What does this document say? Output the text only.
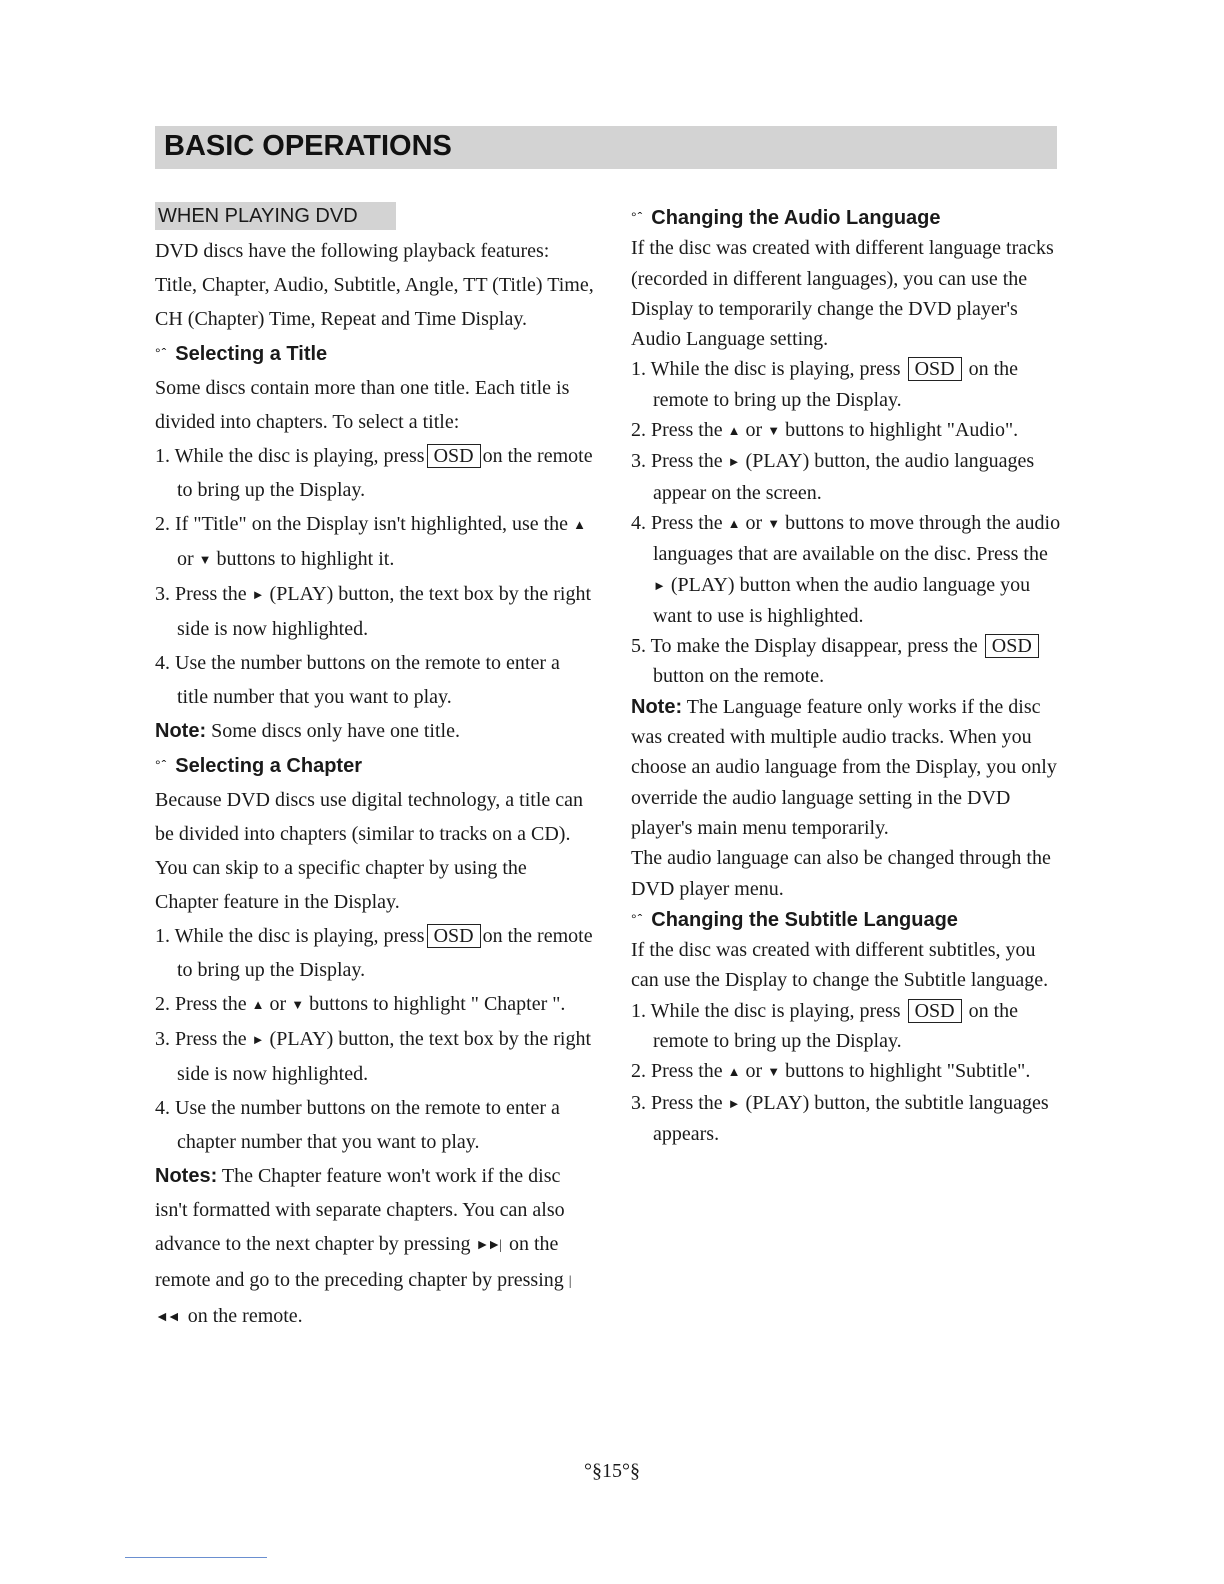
BASIC OPERATIONS
WHEN PLAYING DVD

DVD discs have the following playback features: Title, Chapter, Audio, Subtitle, Angle, TT (Title) Time, CH (Chapter) Time, Repeat and Time Display.

°ˆ Selecting a Title

Some discs contain more than one title. Each title is divided into chapters. To select a title:

1. While the disc is playing, press OSD on the remote to bring up the Display.

2. If "Title" on the Display isn't highlighted, use the ▲ or ▼ buttons to highlight it.

3. Press the ► (PLAY) button, the text box by the right side is now highlighted.

4. Use the number buttons on the remote to enter a title number that you want to play.

Note: Some discs only have one title.

°ˆ Selecting a Chapter

Because DVD discs use digital technology, a title can be divided into chapters (similar to tracks on a CD). You can skip to a specific chapter by using the Chapter feature in the Display.

1. While the disc is playing, press OSD on the remote to bring up the Display.

2. Press the ▲ or ▼ buttons to highlight " Chapter ".

3. Press the ► (PLAY) button, the text box by the right side is now highlighted.

4. Use the number buttons on the remote to enter a chapter number that you want to play.

Notes: The Chapter feature won't work if the disc isn't formatted with separate chapters. You can also advance to the next chapter by pressing ►►| on the remote and go to the preceding chapter by pressing |◄◄ on the remote.

°ˆ Changing the Audio Language

If the disc was created with different language tracks (recorded in different languages), you can use the Display to temporarily change the DVD player's Audio Language setting.

1. While the disc is playing, press OSD on the remote to bring up the Display.

2. Press the ▲ or ▼ buttons to highlight "Audio".

3. Press the ► (PLAY) button, the audio languages appear on the screen.

4. Press the ▲ or ▼ buttons to move through the audio languages that are available on the disc. Press the ► (PLAY) button when the audio language you want to use is highlighted.

5. To make the Display disappear, press the OSD button on the remote.

Note: The Language feature only works if the disc was created with multiple audio tracks. When you choose an audio language from the Display, you only override the audio language setting in the DVD player's main menu temporarily.

The audio language can also be changed through the DVD player menu.

°ˆ Changing the Subtitle Language

If the disc was created with different subtitles, you can use the Display to change the Subtitle language.

1. While the disc is playing, press OSD on the remote to bring up the Display.

2. Press the ▲ or ▼ buttons to highlight "Subtitle".

3. Press the ► (PLAY) button, the subtitle languages appears.

°§15°§
